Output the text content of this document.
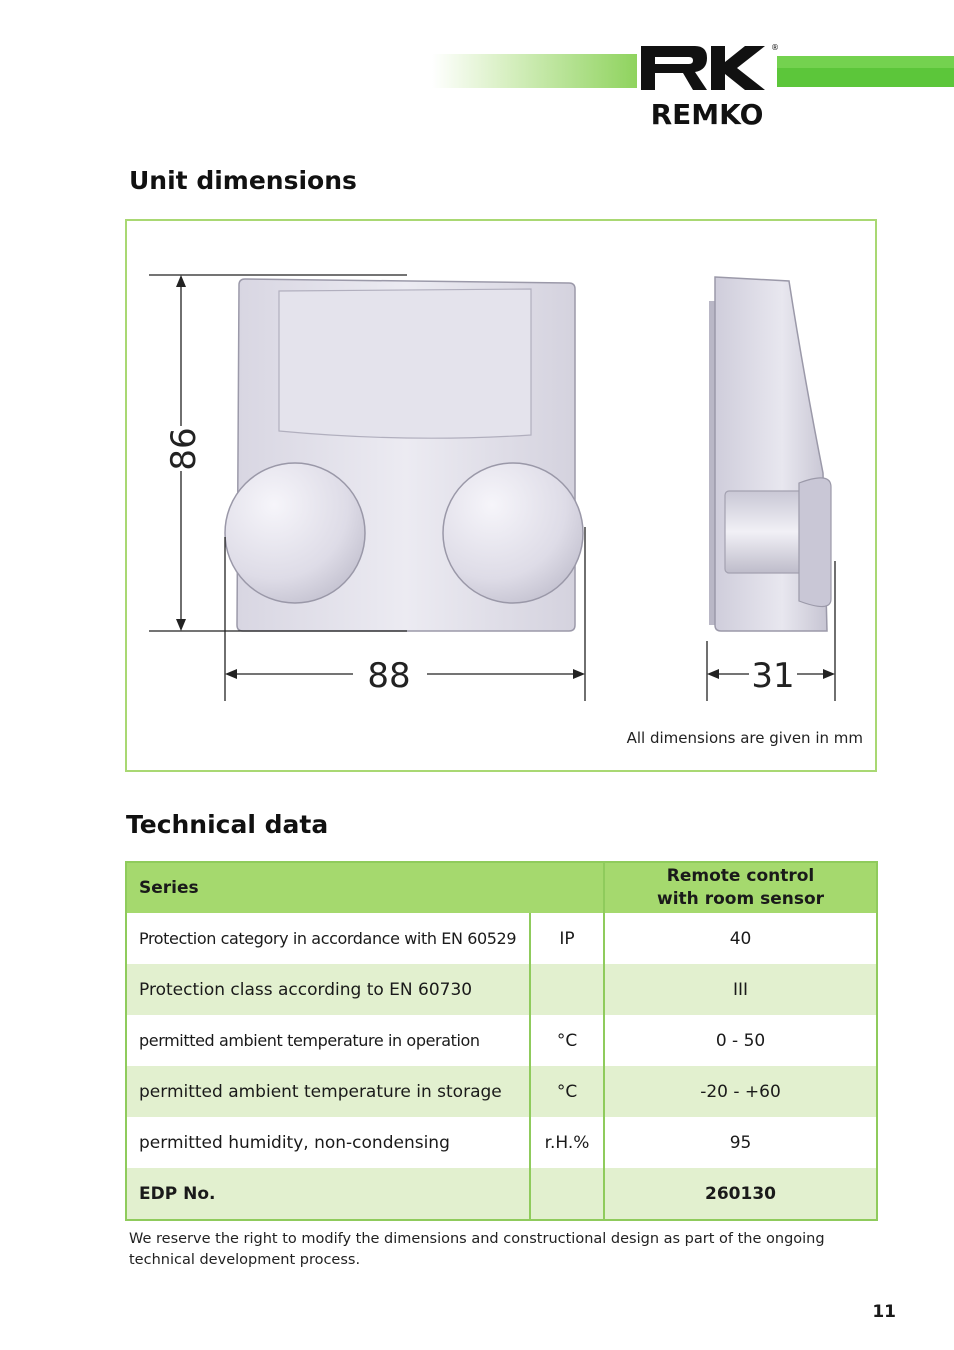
REMKO
®
Unit dimensions
86
88	31
All dimensions are given in mm
Technical data
Series		Remote control
with room sensor

Protection category in accordance with EN 60529	IP	40
Protection class according to EN 60730		III
permitted ambient temperature in operation	°C	0 - 50
permitted ambient temperature in storage	°C	-20 - +60
permitted humidity, non-condensing	r.H.%	95
EDP No.		260130
We reserve the right to modify the dimensions and constructional design as part of the ongoing technical development process.
11
